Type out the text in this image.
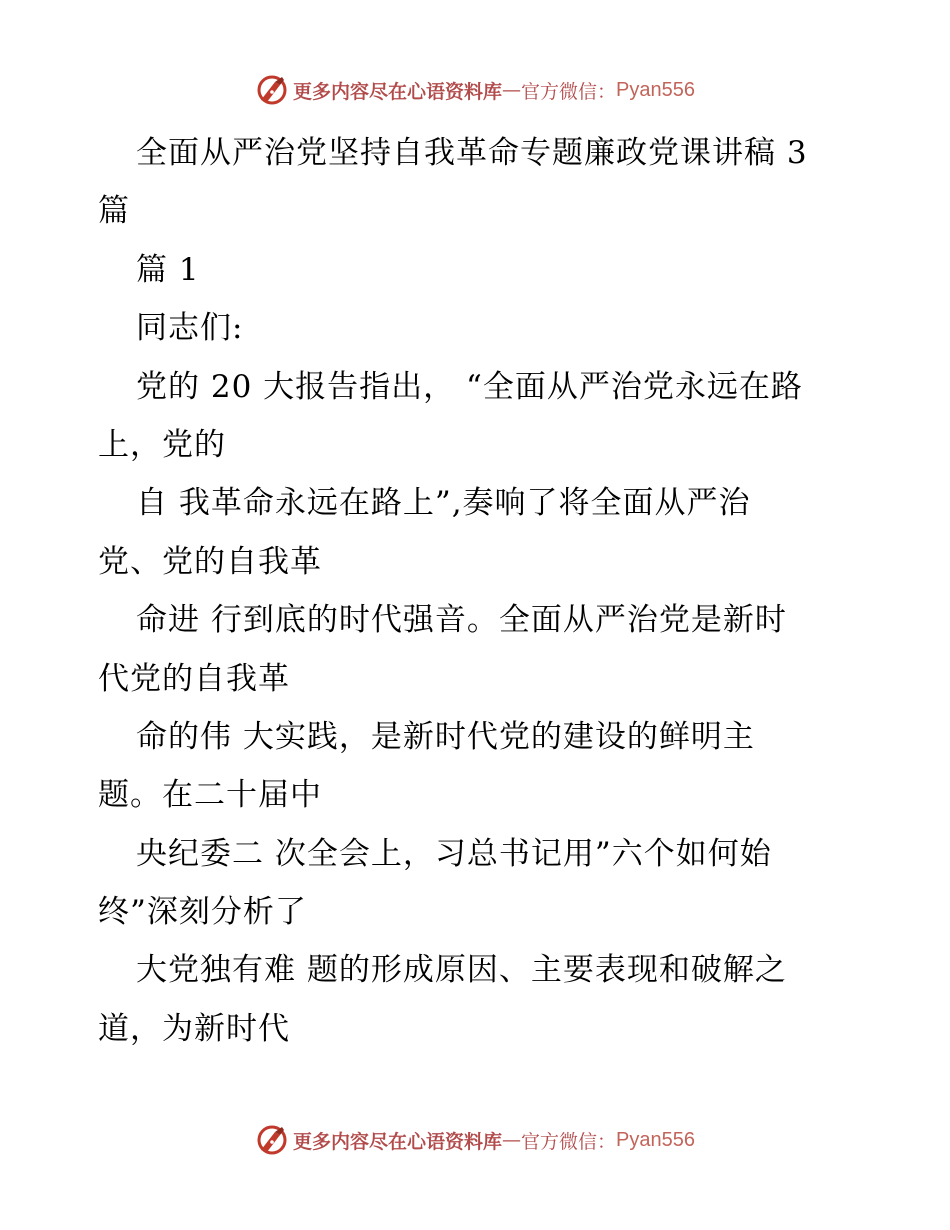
更多内容尽在心语资料库 — 官方微信： Pyan556
全面从严治党坚持自我革命专题廉政党课讲稿 3
篇
篇 1
同志们:
党的 20 大报告指出， “全面从严治党永远在路
上，党的
自 我革命永远在路上”,奏响了将全面从严治
党、党的自我革
命进 行到底的时代强音。全面从严治党是新时
代党的自我革
命的伟 大实践，是新时代党的建设的鲜明主
题。在二十届中
央纪委二 次全会上，习总书记用”六个如何始
终”深刻分析了
大党独有难 题的形成原因、主要表现和破解之
道，为新时代
更多内容尽在心语资料库 — 官方微信： Pyan556
